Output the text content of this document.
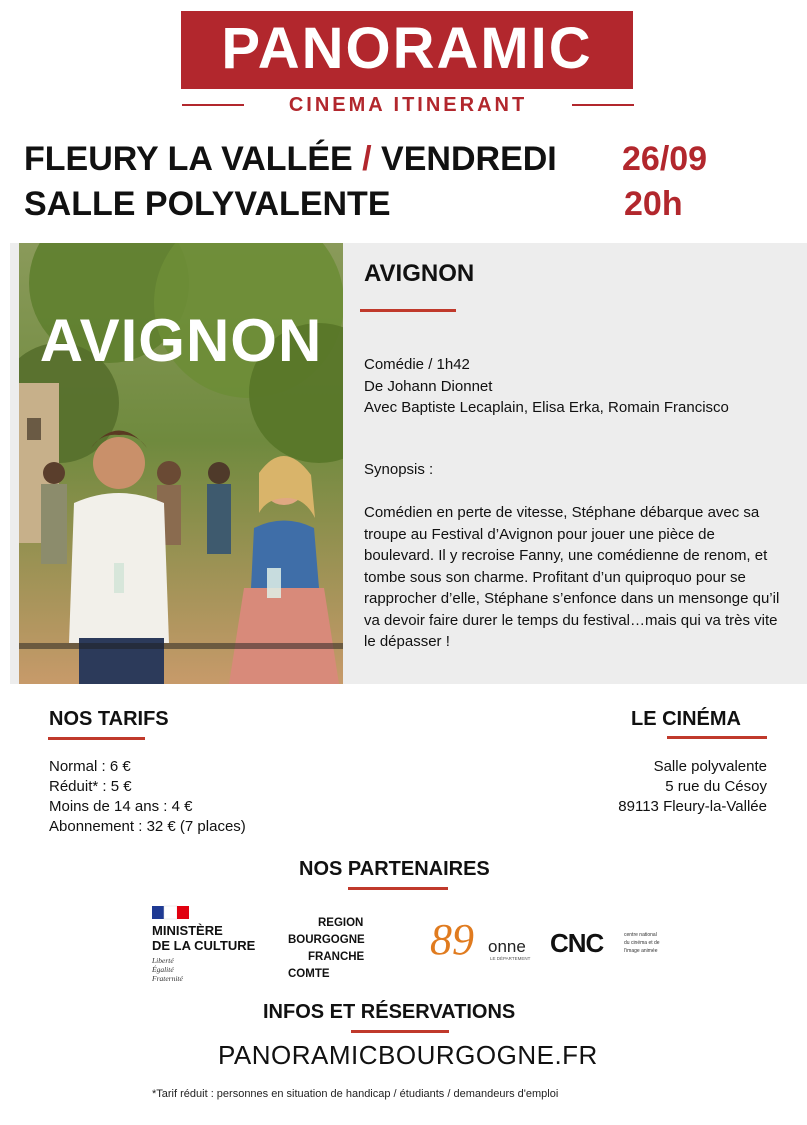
PANORAMIC
CINEMA ITINERANT
FLEURY LA VALLÉE / VENDREDI 26/09
SALLE POLYVALENTE	20h
AVIGNON
AVIGNON

Comédie / 1h42

De Johann Dionnet

Avec Baptiste Lecaplain, Elisa Erka, Romain Francisco

Synopsis :
Comédien en perte de vitesse, Stéphane débarque avec sa troupe au Festival d’Avignon pour jouer une pièce de boulevard. Il y recroise Fanny, une comédienne de renom, et tombe sous son charme. Profitant d’un quiproquo pour se rapprocher d’elle, Stéphane s’enfonce dans un mensonge qu’il va devoir faire durer le temps du festival…mais qui va très vite le dépasser !
NOS TARIFS
Normal : 6 €
Réduit* : 5 €
Moins de 14 ans : 4 €
Abonnement : 32 € (7 places)
LE CINÉMA
Salle polyvalente
5 rue du Césoy
89113 Fleury-la-Vallée
NOS PARTENAIRES
MINISTÈRE
DE LA CULTURE
Liberté
Égalité
Fraternité
REGION
BOURGOGNE
FRANCHE
COMTE
89 onne
LE DÉPARTEMENT
CNC	centre national
du cinéma et de
l'image animée
INFOS ET RÉSERVATIONS
PANORAMICBOURGOGNE.FR
*Tarif réduit : personnes en situation de handicap / étudiants / demandeurs d'emploi
